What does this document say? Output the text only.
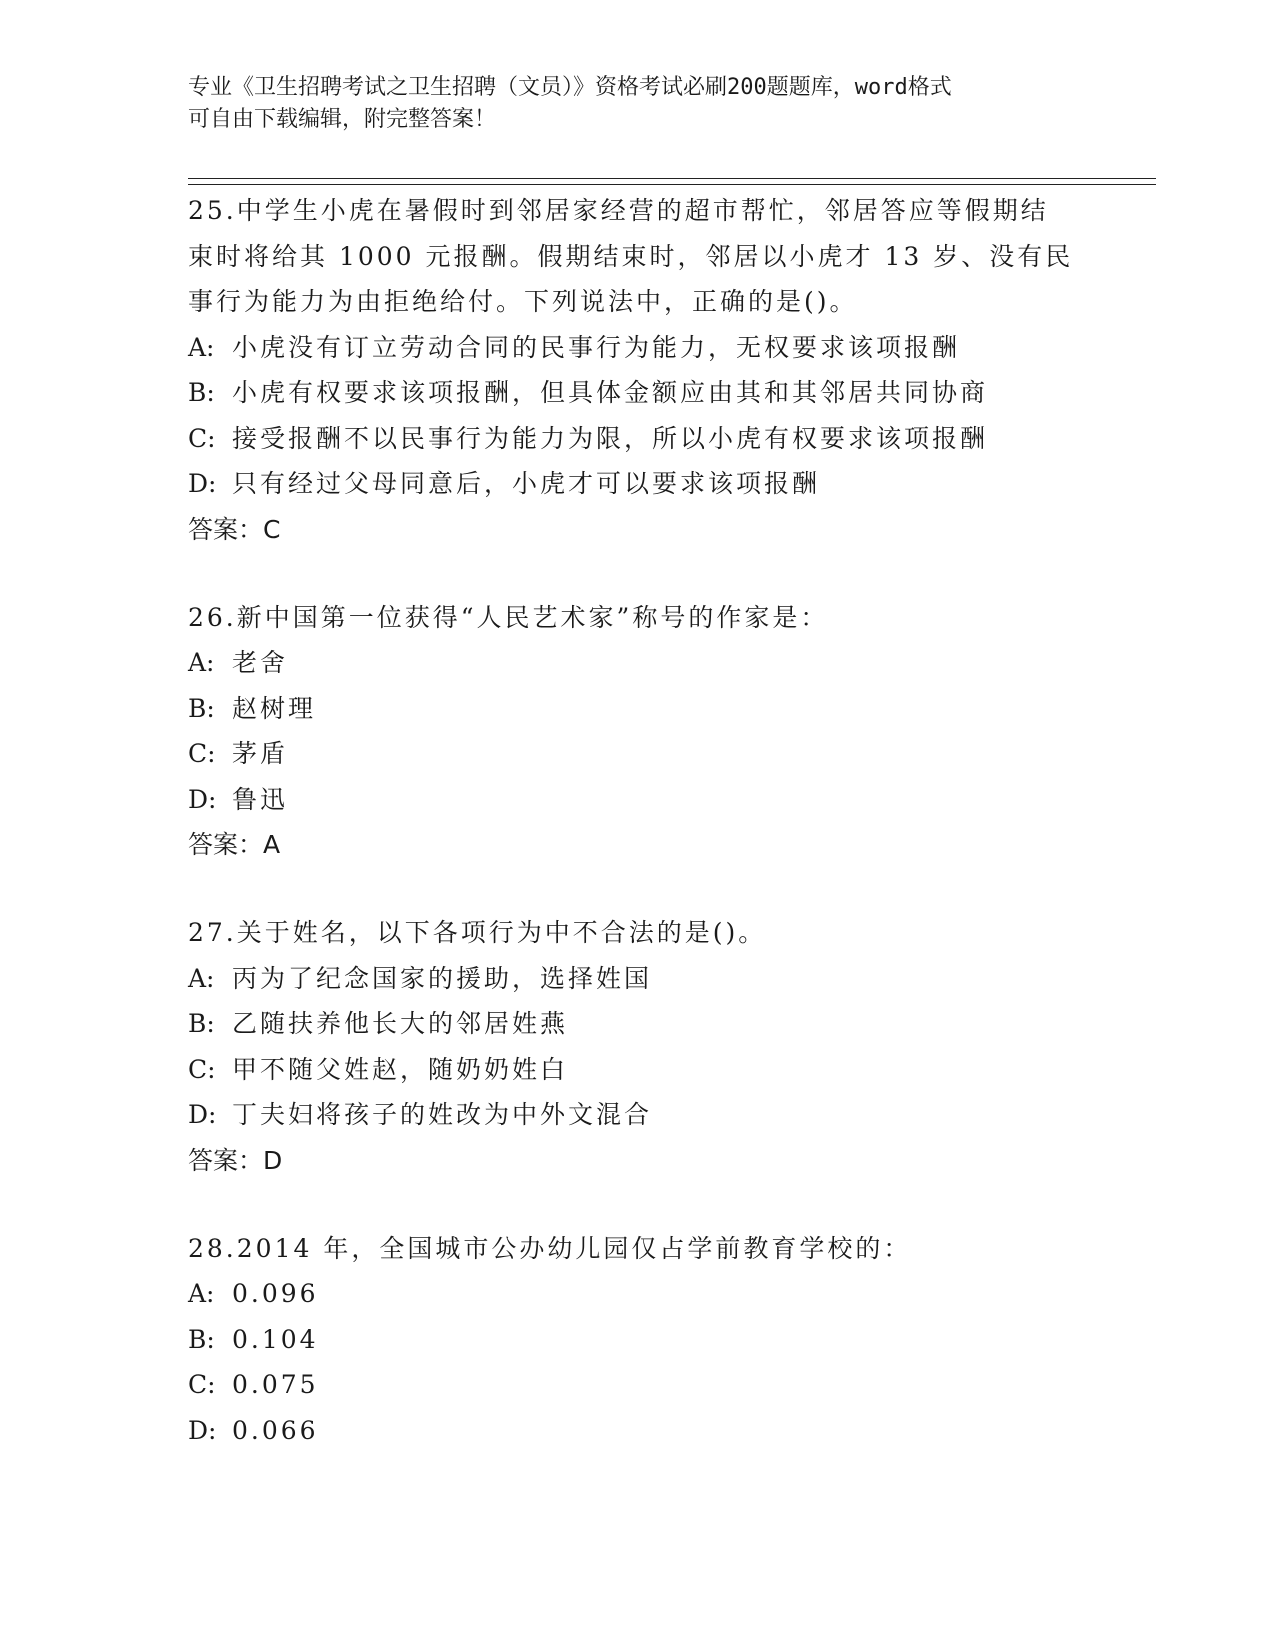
专业《卫生招聘考试之卫生招聘（文员）》资格考试必刷200题题库，word格式
可自由下载编辑，附完整答案！
25.中学生小虎在暑假时到邻居家经营的超市帮忙，邻居答应等假期结
束时将给其 1000 元报酬。假期结束时，邻居以小虎才 13 岁、没有民
事行为能力为由拒绝给付。下列说法中，正确的是()。
A: 小虎没有订立劳动合同的民事行为能力，无权要求该项报酬
B: 小虎有权要求该项报酬，但具体金额应由其和其邻居共同协商
C: 接受报酬不以民事行为能力为限，所以小虎有权要求该项报酬
D: 只有经过父母同意后，小虎才可以要求该项报酬
答案：C
26.新中国第一位获得“人民艺术家”称号的作家是：
A: 老舍
B: 赵树理
C: 茅盾
D: 鲁迅
答案：A
27.关于姓名，以下各项行为中不合法的是()。
A: 丙为了纪念国家的援助，选择姓国
B: 乙随扶养他长大的邻居姓燕
C: 甲不随父姓赵，随奶奶姓白
D: 丁夫妇将孩子的姓改为中外文混合
答案：D
28.2014 年，全国城市公办幼儿园仅占学前教育学校的：
A: 0.096
B: 0.104
C: 0.075
D: 0.066
